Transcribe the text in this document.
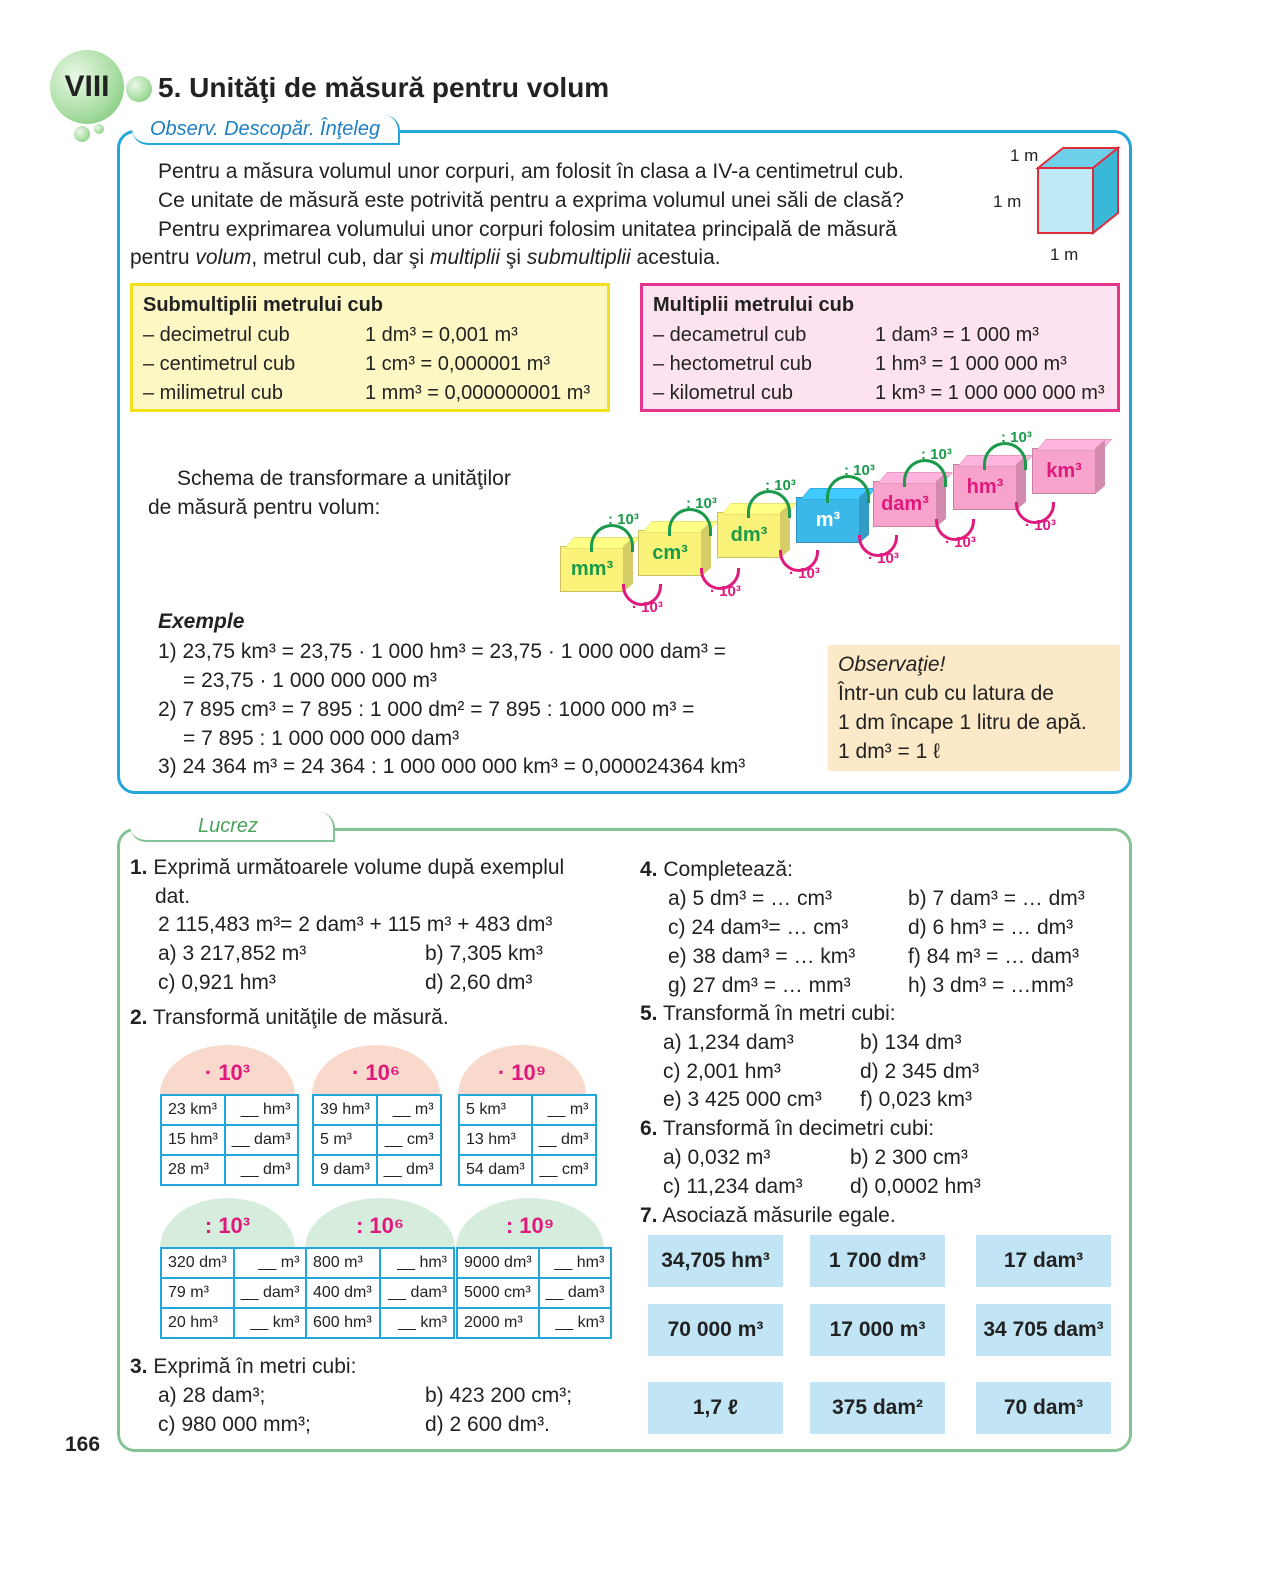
VIII 5. Unităţi de măsură pentru volum
Observ. Descopăr. Înţeleg
Pentru a măsura volumul unor corpuri, am folosit în clasa a IV-a centimetrul cub.
Ce unitate de măsură este potrivită pentru a exprima volumul unei săli de clasă?
Pentru exprimarea volumului unor corpuri folosim unitatea principală de măsură
pentru volum, metrul cub, dar şi multiplii şi submultiplii acestuia.
1 m
1 m
1 m
Submultiplii metrului cub
– decimetrul cub	1 dm³ = 0,001 m³
– centimetrul cub	1 cm³ = 0,000001 m³
– milimetrul cub	1 mm³ = 0,000000001 m³
Multiplii metrului cub
– decametrul cub	1 dam³ = 1 000 m³
– hectometrul cub	1 hm³ = 1 000 000 m³
– kilometrul cub	1 km³ = 1 000 000 000 m³
Schema de transformare a unităţilor
de măsură pentru volum:
mm³
: 10³
· 10³
cm³
: 10³
· 10³
dm³
: 10³
· 10³
m³
: 10³
· 10³
dam³
: 10³
· 10³
hm³
: 10³
· 10³
km³
Exemple
1) 23,75 km³ = 23,75 · 1 000 hm³ = 23,75 · 1 000 000 dam³ =
= 23,75 · 1 000 000 000 m³
2) 7 895 cm³ = 7 895 : 1 000 dm² = 7 895 : 1000 000 m³ =
= 7 895 : 1 000 000 000 dam³
3) 24 364 m³ = 24 364 : 1 000 000 000 km³ = 0,000024364 km³
Observaţie!
Într-un cub cu latura de
1 dm încape 1 litru de apă.
1 dm³ = 1 ℓ
Lucrez
1. Exprimă următoarele volume după exemplul
dat.
2 115,483 m³= 2 dam³ + 115 m³ + 483 dm³
a) 3 217,852 m³	b) 7,305 km³
c) 0,921 hm³	d) 2,60 dm³
2. Transformă unităţile de măsură.
· 10³
23 km³	__ hm³
15 hm³	__ dam³
28 m³	__ dm³
· 10⁶
39 hm³	__ m³
5 m³	__ cm³
9 dam³	__ dm³
· 10⁹
5 km³	__ m³
13 hm³	__ dm³
54 dam³	__ cm³
: 10³
320 dm³	__ m³
79 m³	__ dam³
20 hm³	__ km³
: 10⁶
800 m³	__ hm³
400 dm³	__ dam³
600 hm³	__ km³
: 10⁹
9000 dm³	__ hm³
5000 cm³	__ dam³
2000 m³	__ km³
3. Exprimă în metri cubi:
a) 28 dam³;	b) 423 200 cm³;
c) 980 000 mm³;	d) 2 600 dm³.
4. Completează:
a) 5 dm³ = … cm³	b) 7 dam³ = … dm³
c) 24 dam³= … cm³	d) 6 hm³ = … dm³
e) 38 dam³ = … km³	f) 84 m³ = … dam³
g) 27 dm³ = … mm³	h) 3 dm³ = …mm³
5. Transformă în metri cubi:
a) 1,234 dam³	b) 134 dm³
c) 2,001 hm³	d) 2 345 dm³
e) 3 425 000 cm³ f) 0,023 km³
6. Transformă în decimetri cubi:
a) 0,032 m³	b) 2 300 cm³
c) 11,234 dam³ d) 0,0002 hm³
7. Asociază măsurile egale.
34,705 hm³	1 700 dm³	17 dam³
70 000 m³	17 000 m³	34 705 dam³
1,7 ℓ	375 dam²	70 dam³
166
